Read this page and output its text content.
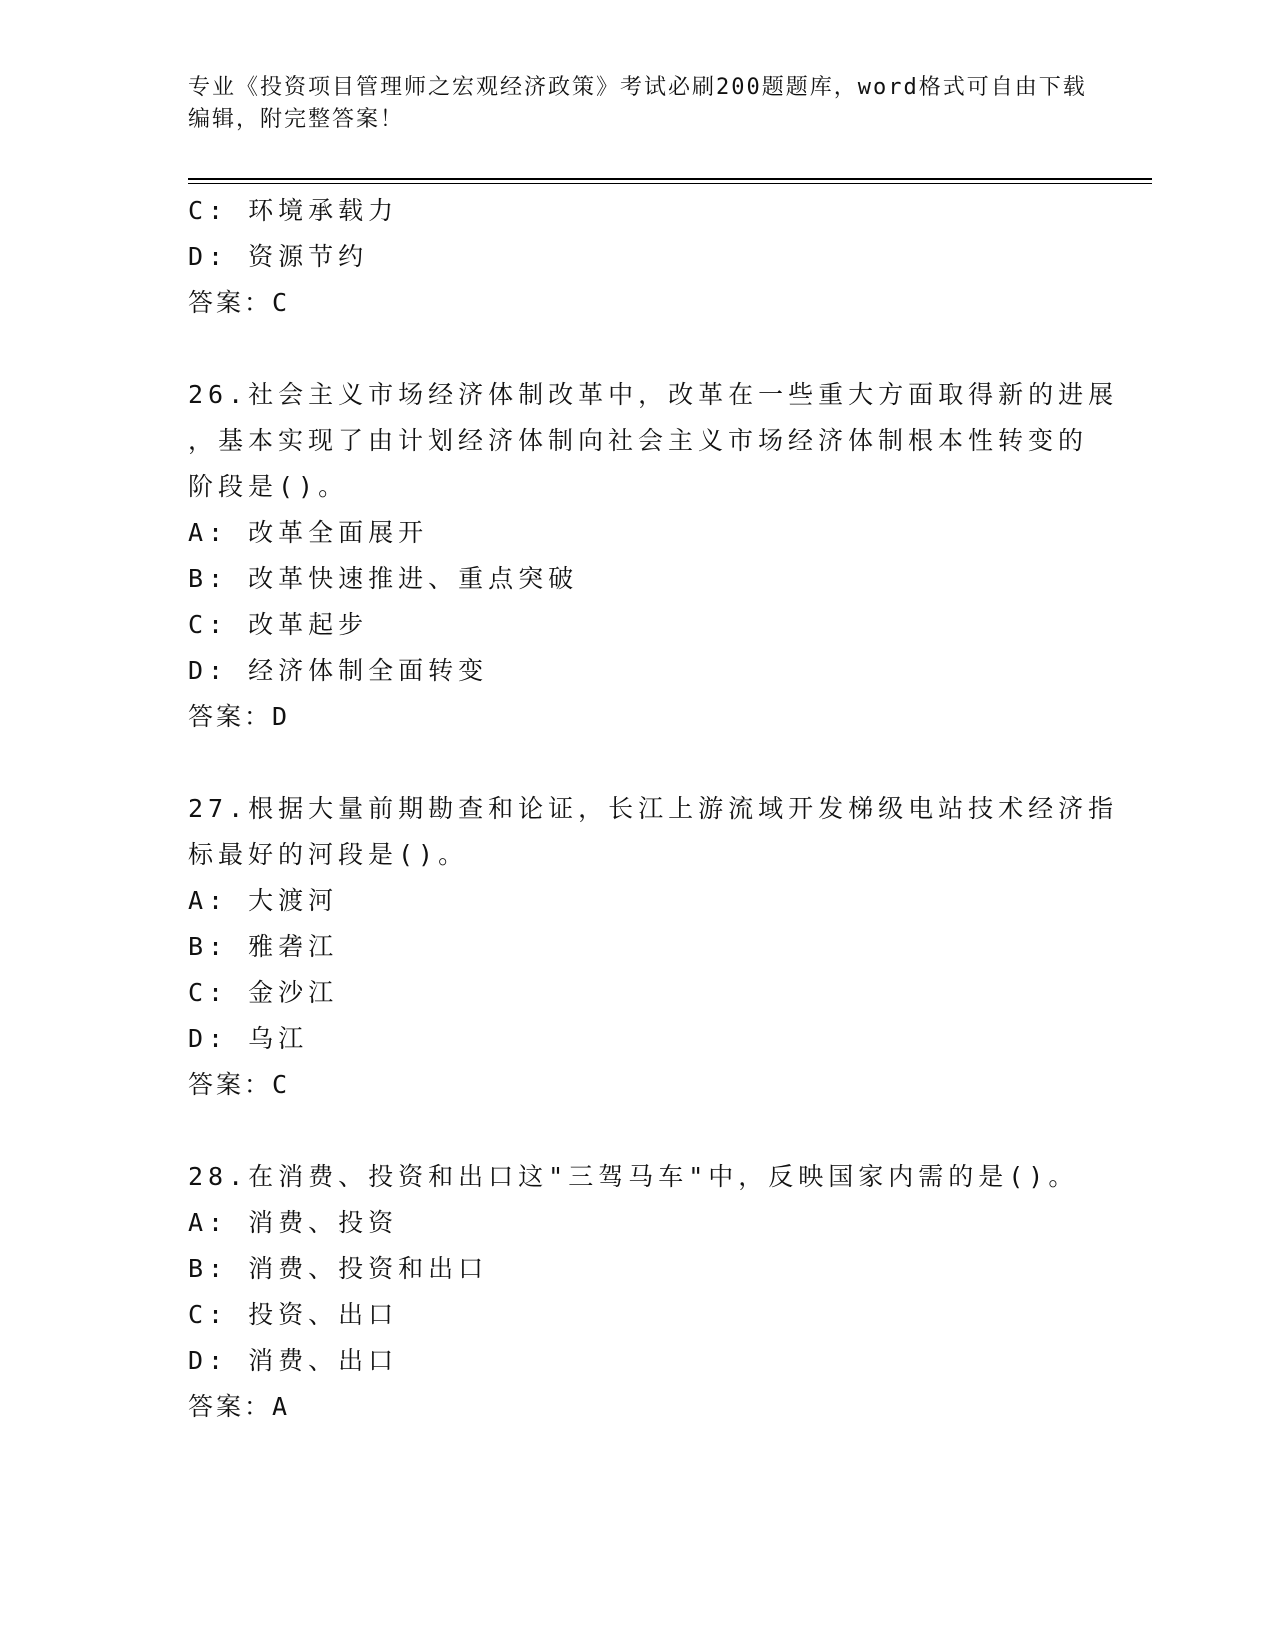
专业《投资项目管理师之宏观经济政策》考试必刷200题题库，word格式可自由下载编辑，附完整答案！
C: 环境承载力
D: 资源节约
答案：C
26.社会主义市场经济体制改革中，改革在一些重大方面取得新的进展
，基本实现了由计划经济体制向社会主义市场经济体制根本性转变的
阶段是()。
A: 改革全面展开
B: 改革快速推进、重点突破
C: 改革起步
D: 经济体制全面转变
答案：D
27.根据大量前期勘查和论证，长江上游流域开发梯级电站技术经济指
标最好的河段是()。
A: 大渡河
B: 雅砻江
C: 金沙江
D: 乌江
答案：C
28.在消费、投资和出口这"三驾马车"中，反映国家内需的是()。
A: 消费、投资
B: 消费、投资和出口
C: 投资、出口
D: 消费、出口
答案：A
